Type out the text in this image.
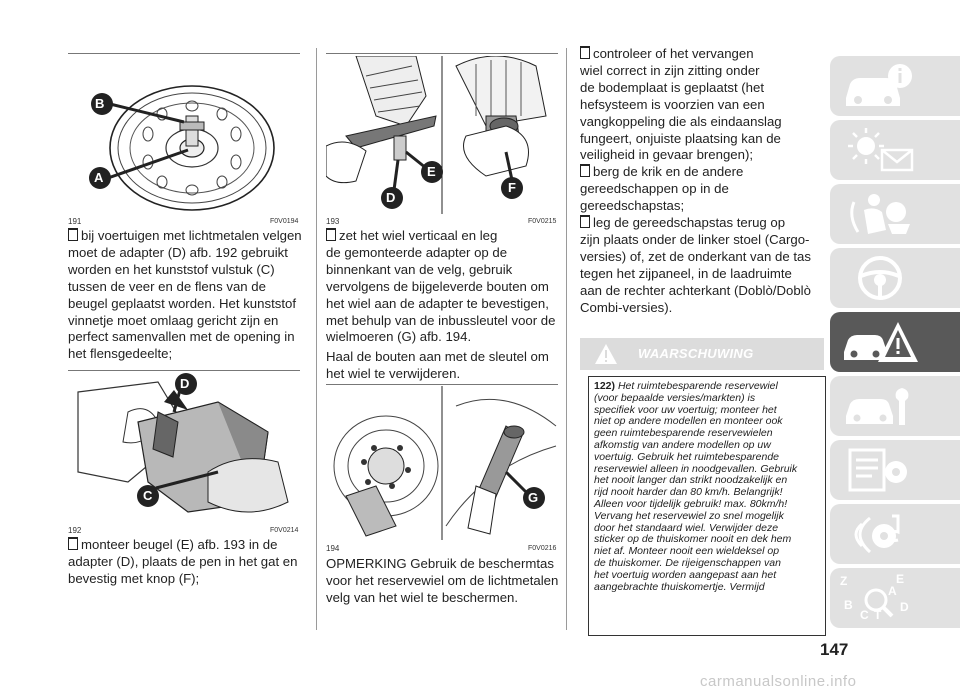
B
A
191	F0V0194

bij voertuigen met lichtmetalen velgen

moet de adapter (D) afb. 192 gebruikt

worden en het kunststof vulstuk (C)

tussen de veer en de flens van de

beugel geplaatst worden. Het kunststof

vinnetje moet omlaag gericht zijn en

perfect samenvallen met de opening in

het flensgedeelte;

D
C
192	F0V0214

monteer beugel (E) afb. 193 in de

adapter (D), plaats de pen in het gat en

bevestig met knop (F);

E
D
F
193	F0V0215

zet het wiel verticaal en leg

de gemonteerde adapter op de

binnenkant van de velg, gebruik

vervolgens de bijgeleverde bouten om

het wiel aan de adapter te bevestigen,

met behulp van de inbussleutel voor de

wielmoeren (G) afb. 194.

Haal de bouten aan met de sleutel om

het wiel te verwijderen.

G
194	F0V0216

OPMERKING Gebruik de beschermtas

voor het reservewiel om de lichtmetalen

velg van het wiel te beschermen.

controleer of het vervangen

wiel correct in zijn zitting onder

de bodemplaat is geplaatst (het

hefsysteem is voorzien van een

vangkoppeling die als eindaanslag

fungeert, onjuiste plaatsing kan de

veiligheid in gevaar brengen);

berg de krik en de andere

gereedschappen op in de

gereedschapstas;

leg de gereedschapstas terug op

zijn plaats onder de linker stoel (Cargo-

versies) of, zet de onderkant van de tas

tegen het zijpaneel, in de laadruimte

aan de rechter achterkant (Doblò/Doblò

Combi-versies).

WAARSCHUWING
122) Het ruimtebesparende reservewiel
(voor bepaalde versies/markten) is
specifiek voor uw voertuig; monteer het
niet op andere modellen en monteer ook
geen ruimtebesparende reservewielen
afkomstig van andere modellen op uw
voertuig. Gebruik het ruimtebesparende
reservewiel alleen in noodgevallen. Gebruik
het nooit langer dan strikt noodzakelijk en
rijd nooit harder dan 80 km/h. Belangrijk!
Alleen voor tijdelijk gebruik! max. 80km/h!
Vervang het reservewiel zo snel mogelijk
door het standaard wiel. Verwijder deze
sticker op de thuiskomer nooit en dek hem
niet af. Monteer nooit een wieldeksel op
de thuiskomer. De rijeigenschappen van
het voertuig worden aangepast aan het
aangebrachte thuiskomertje. Vermijd	Z	E
A
B
C T
D
147
carmanualsonline.info
